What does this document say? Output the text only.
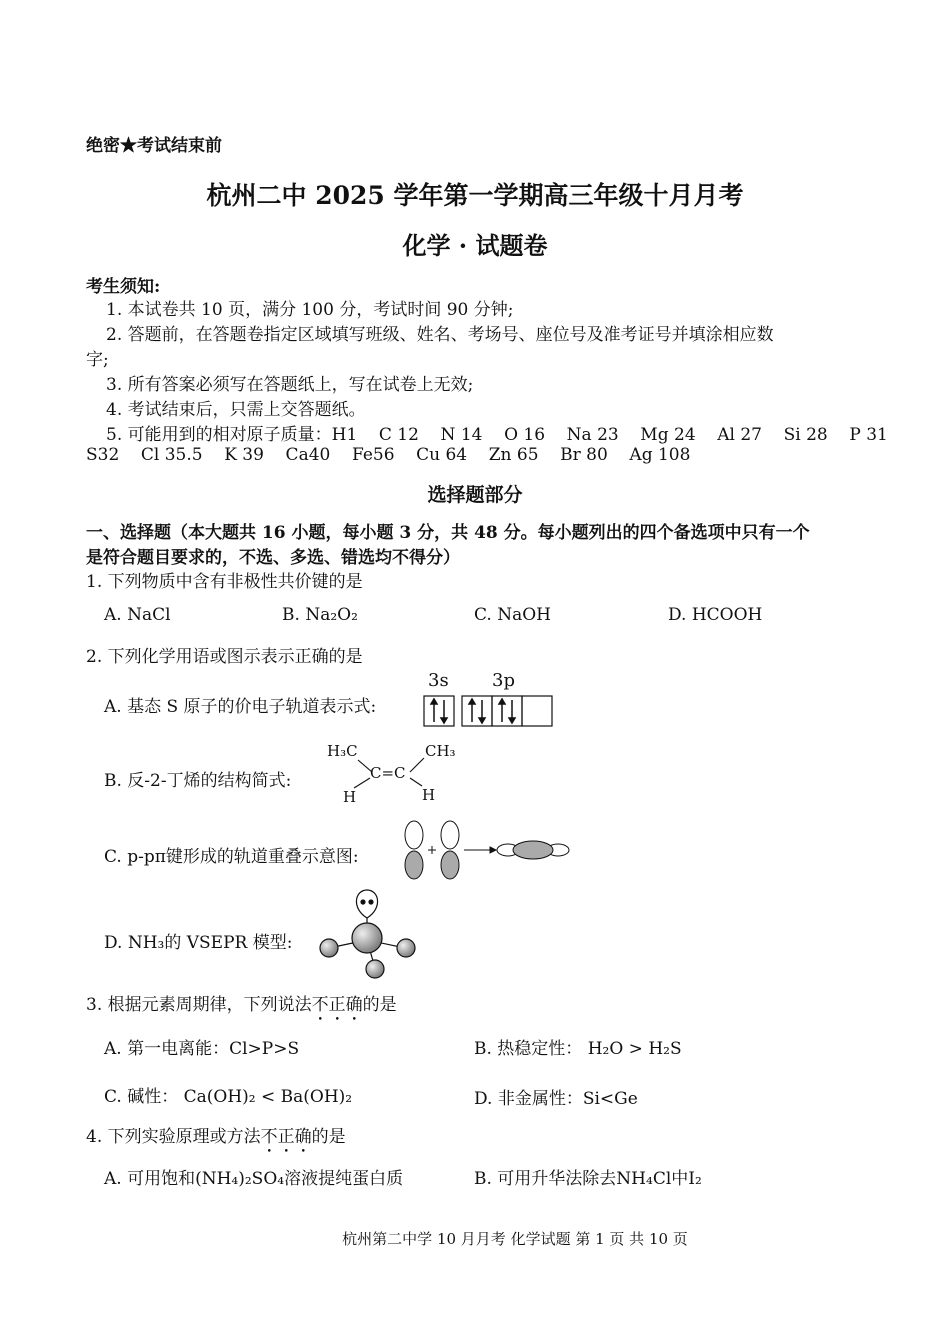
绝密★考试结束前
杭州二中 2025 学年第一学期高三年级十月月考
化学 · 试题卷
考生须知:
1. 本试卷共 10 页，满分 100 分，考试时间 90 分钟;
2. 答题前，在答题卷指定区域填写班级、姓名、考场号、座位号及准考证号并填涂相应数
字;
3. 所有答案必须写在答题纸上，写在试卷上无效;
4. 考试结束后，只需上交答题纸。
5. 可能用到的相对原子质量：H1    C 12    N 14    O 16    Na 23    Mg 24    Al 27    Si 28    P 31
S32    Cl 35.5    K 39    Ca40    Fe56    Cu 64    Zn 65    Br 80    Ag 108
选择题部分
一、选择题（本大题共 16 小题，每小题 3 分，共 48 分。每小题列出的四个备选项中只有一个
是符合题目要求的，不选、多选、错选均不得分）
1. 下列物质中含有非极性共价键的是
A. NaCl	B. Na₂O₂	C. NaOH	D. HCOOH
2. 下列化学用语或图示表示正确的是
A. 基态 S 原子的价电子轨道表示式:
3s 3p
B. 反-2-丁烯的结构简式:
H₃C	CH₃
C=C
H	H
C. p-pπ键形成的轨道重叠示意图:
D. NH₃的 VSEPR 模型:
3. 根据元素周期律，下列说法不正确的是
A. 第一电离能：Cl>P>S	B. 热稳定性： H₂O > H₂S
C. 碱性： Ca(OH)₂ < Ba(OH)₂	D. 非金属性：Si<Ge
4. 下列实验原理或方法不正确的是
A. 可用饱和(NH₄)₂SO₄溶液提纯蛋白质	B. 可用升华法除去NH₄Cl中I₂
杭州第二中学 10 月月考 化学试题 第 1 页 共 10 页
